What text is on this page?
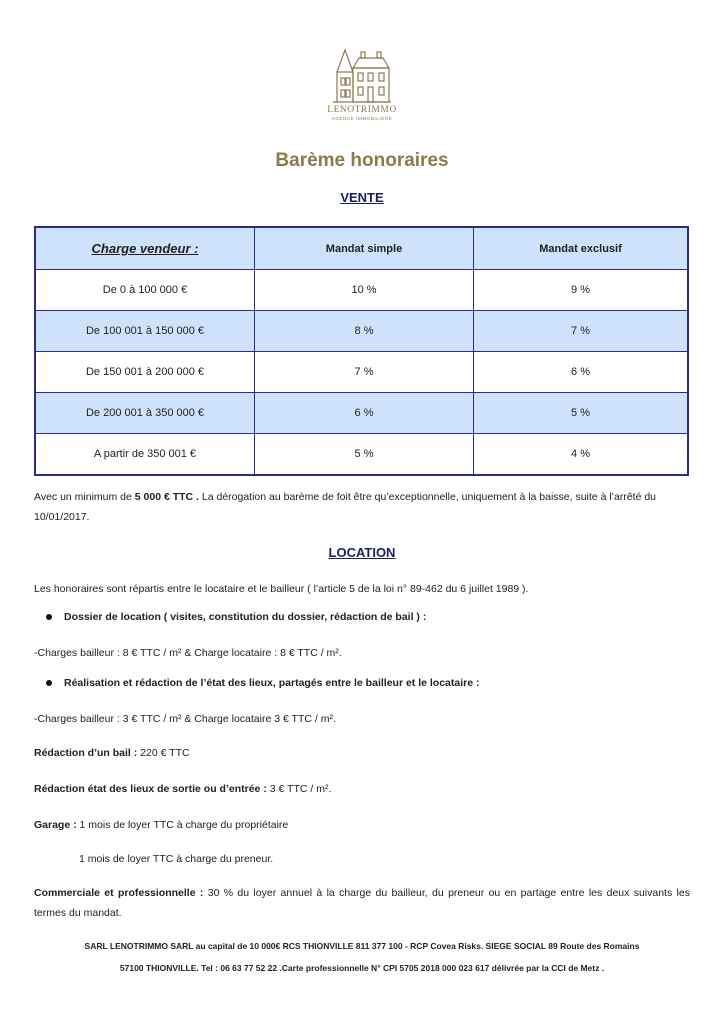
LENOTRIMMO
AGENCE IMMOBILIÈRE
Barème honoraires
VENTE
Charge vendeur :	Mandat simple	Mandat exclusif
De 0 à 100 000 €	10 %	9 %
De 100 001 à 150 000 €	8 %	7 %
De 150 001 à 200 000 €	7 %	6 %
De 200 001 à 350 000 €	6 %	5 %
A partir de 350 001 €	5 %	4 %
Avec un minimum de 5 000 € TTC . La dérogation au barème de foit être qu’exceptionnelle, uniquement à la baisse, suite à l’arrêté du 10/01/2017.
LOCATION
Les honoraires sont répartis entre le locataire et le bailleur ( l’article 5 de la loi n° 89-462 du 6 juillet 1989 ).
Dossier de location ( visites, constitution du dossier, rédaction de bail ) :
-Charges bailleur : 8 € TTC / m² & Charge locataire : 8 € TTC / m².
Réalisation et rédaction de l’état des lieux, partagés entre le bailleur et le locataire :
-Charges bailleur : 3 € TTC / m² & Charge locataire 3 € TTC / m².
Rédaction d’un bail : 220 € TTC
Rédaction état des lieux de sortie ou d’entrée : 3 € TTC / m².
Garage : 1 mois de loyer TTC à charge du propriétaire
1 mois de loyer TTC à charge du preneur.
Commerciale et professionnelle : 30 % du loyer annuel à la charge du bailleur, du preneur ou en partage entre les deux suivants les termes du mandat.
SARL LENOTRIMMO SARL au capital de 10 000€ RCS THIONVILLE 811 377 100 - RCP Covea Risks. SIEGE SOCIAL 89 Route des Romains
57100 THIONVILLE. Tel : 06 63 77 52 22 .Carte professionnelle N° CPI 5705 2018 000 023 617 délivrée par la CCI de Metz .
